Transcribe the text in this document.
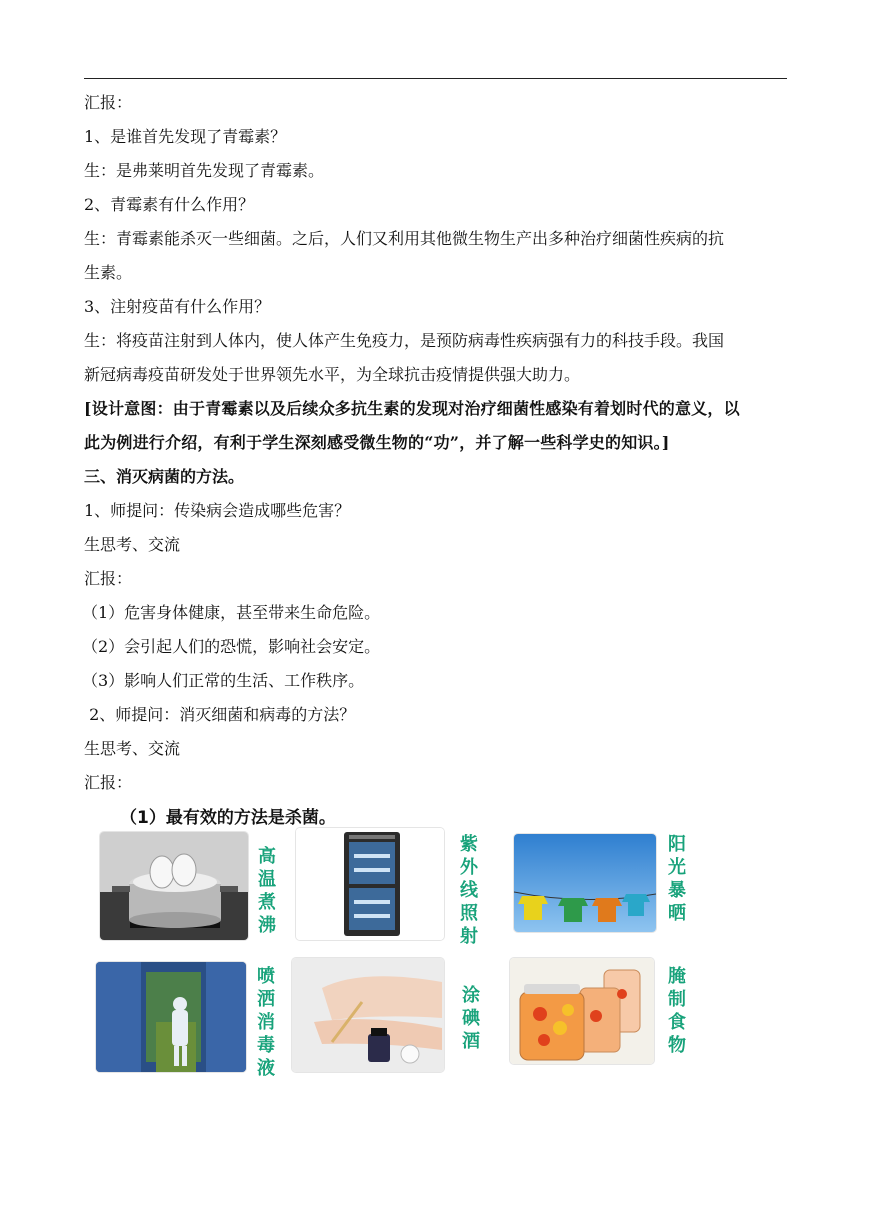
汇报：

1、是谁首先发现了青霉素？

生：是弗莱明首先发现了青霉素。

2、青霉素有什么作用？

生：青霉素能杀灭一些细菌。之后，人们又利用其他微生物生产出多种治疗细菌性疾病的抗

生素。

3、注射疫苗有什么作用？

生：将疫苗注射到人体内，使人体产生免疫力，是预防病毒性疾病强有力的科技手段。我国

新冠病毒疫苗研发处于世界领先水平，为全球抗击疫情提供强大助力。

[设计意图：由于青霉素以及后续众多抗生素的发现对治疗细菌性感染有着划时代的意义，以

此为例进行介绍，有利于学生深刻感受微生物的“功”，并了解一些科学史的知识。]

三、消灭病菌的方法。

1、师提问：传染病会造成哪些危害？

生思考、交流

汇报：

（1）危害身体健康，甚至带来生命危险。

（2）会引起人们的恐慌，影响社会安定。

（3）影响人们正常的生活、工作秩序。

2、师提问：消灭细菌和病毒的方法？

生思考、交流

汇报：

（1）最有效的方法是杀菌。
高温煮沸
紫外线照射
阳光暴晒
喷洒消毒液
涂碘酒
腌制食物
